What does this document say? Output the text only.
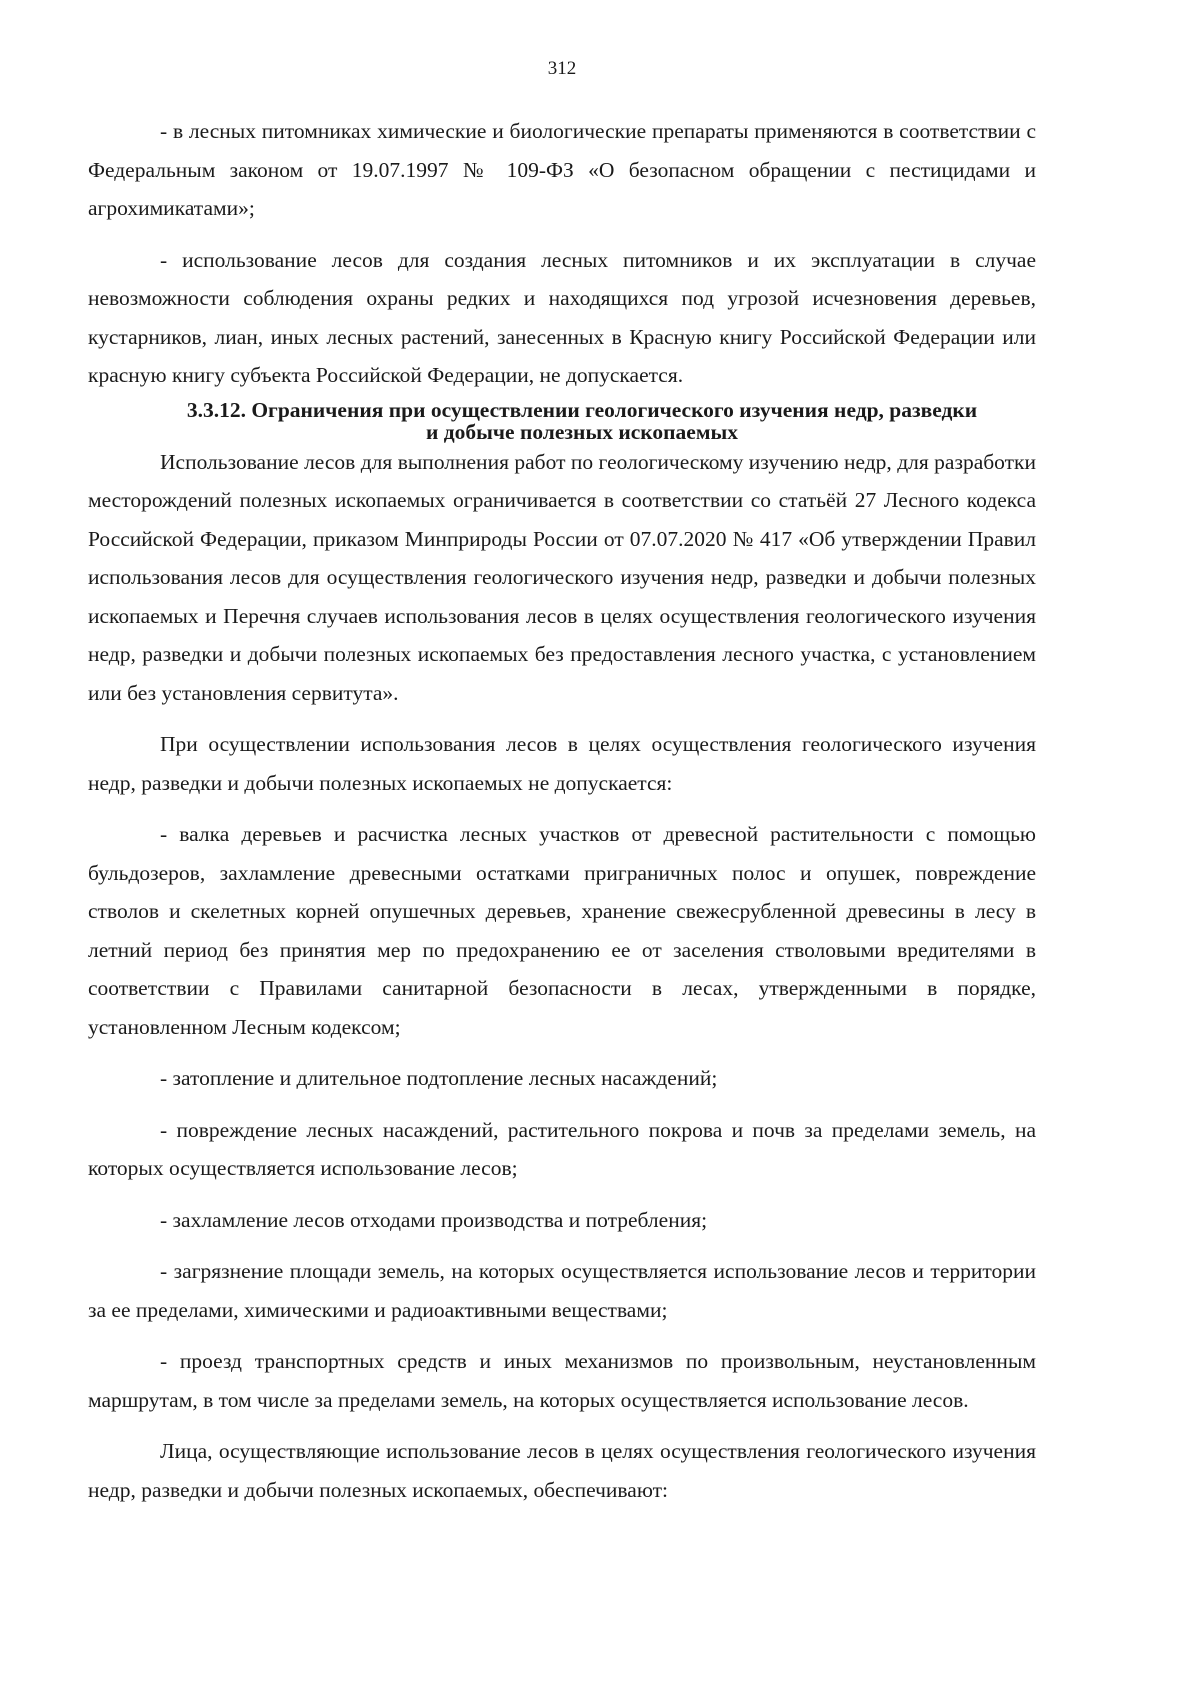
312

- в лесных питомниках химические и биологические препараты применяются в соответствии с Федеральным законом от 19.07.1997 № 109-ФЗ «О безопасном обращении с пестицидами и агрохимикатами»;

- использование лесов для создания лесных питомников и их эксплуатации в случае невозможности соблюдения охраны редких и находящихся под угрозой исчезновения деревьев, кустарников, лиан, иных лесных растений, занесенных в Красную книгу Российской Федерации или красную книгу субъекта Российской Федерации, не допускается.

3.3.12. Ограничения при осуществлении геологического изучения недр, разведки
и добыче полезных ископаемых

Использование лесов для выполнения работ по геологическому изучению недр, для разработки месторождений полезных ископаемых ограничивается в соответствии со статьёй 27 Лесного кодекса Российской Федерации, приказом Минприроды России от 07.07.2020 № 417 «Об утверждении Правил использования лесов для осуществления геологического изучения недр, разведки и добычи полезных ископаемых и Перечня случаев использования лесов в целях осуществления геологического изучения недр, разведки и добычи полезных ископаемых без предоставления лесного участка, с установлением или без установления сервитута».

При осуществлении использования лесов в целях осуществления геологического изучения недр, разведки и добычи полезных ископаемых не допускается:

- валка деревьев и расчистка лесных участков от древесной растительности с помощью бульдозеров, захламление древесными остатками приграничных полос и опушек, повреждение стволов и скелетных корней опушечных деревьев, хранение свежесрубленной древесины в лесу в летний период без принятия мер по предохранению ее от заселения стволовыми вредителями в соответствии с Правилами санитарной безопасности в лесах, утвержденными в порядке, установленном Лесным кодексом;

- затопление и длительное подтопление лесных насаждений;

- повреждение лесных насаждений, растительного покрова и почв за пределами земель, на которых осуществляется использование лесов;

- захламление лесов отходами производства и потребления;

- загрязнение площади земель, на которых осуществляется использование лесов и территории за ее пределами, химическими и радиоактивными веществами;

- проезд транспортных средств и иных механизмов по произвольным, неустановленным маршрутам, в том числе за пределами земель, на которых осуществляется использование лесов.

Лица, осуществляющие использование лесов в целях осуществления геологического изучения недр, разведки и добычи полезных ископаемых, обеспечивают:
